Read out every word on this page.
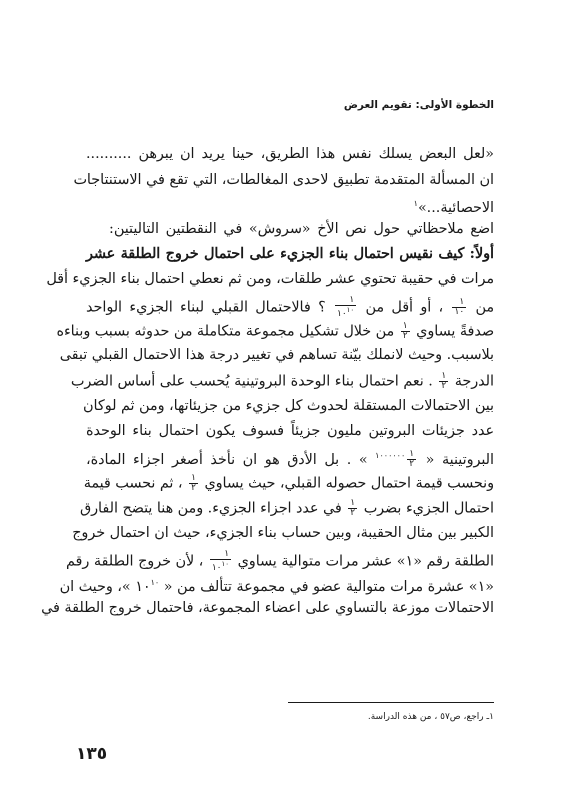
الخطوة الأولى: تقويم العرض
«لعل البعض يسلك نفس هذا الطريق، حينا يريد ان يبرهن ..........
ان المسألة المتقدمة تطبيق لاحدى المغالطات، التي تقع في الاستنتاجات
الاحصائية...»$^١$
اضع ملاحظاتي حول نص الأخ «سروش» في النقطتين التاليتين:
أولاً: كيف نقيس احتمال بناء الجزيء على احتمال خروج الطلقة عشر
مرات في حقيبة تحتوي عشر طلقات، ومن ثم نعطي احتمال بناء الجزيء أقل
من
$\frac{١}{١٠}$
، أو أقل من
$\frac{١}{١٠^{١٠}}$
؟ فالاحتمال القبلي لبناء الجزيء الواحد
صدفةً يساوي
$\frac{١}{٢}$
من خلال تشكيل مجموعة متكاملة من حدوثه بسبب وبناءه
بلاسبب. وحيث لانملك بيّنة تساهم في تغيير درجة هذا الاحتمال القبلي تبقى
الدرجة
$\frac{١}{٢}$
. نعم احتمال بناء الوحدة البروتينية يُحسب على أساس الضرب
بين الاحتمالات المستقلة لحدوث كل جزيء من جزيئاتها، ومن ثم لوكان
عدد جزيئات البروتين مليون جزيئاً فسوف يكون احتمال بناء الوحدة
البروتينية «
$\frac{١}{٢}$
$^{١٠٠٠٠٠٠}$ » . بل الأدق هو ان نأخذ أصغر اجزاء المادة،
ونحسب قيمة احتمال حصوله القبلي، حيث يساوي
$\frac{١}{٢}$
، ثم نحسب قيمة
احتمال الجزيء بضرب
$\frac{١}{٢}$
في عدد اجزاء الجزيء. ومن هنا يتضح الفارق
الكبير بين مثال الحقيبة، وبين حساب بناء الجزيء، حيث ان احتمال خروج
الطلقة رقم «١» عشر مرات متوالية يساوي
$\frac{١}{١٠^{١٠}}$
، لأن خروج الطلقة رقم
«١» عشرة مرات متوالية عضو في مجموعة تتألف من « $١٠^{١٠}$ »، وحيث ان
الاحتمالات موزعة بالتساوي على اعضاء المجموعة، فاحتمال خروج الطلقة في
١ـ راجع، ص٥٧ ، من هذه الدراسة.
١٣٥
